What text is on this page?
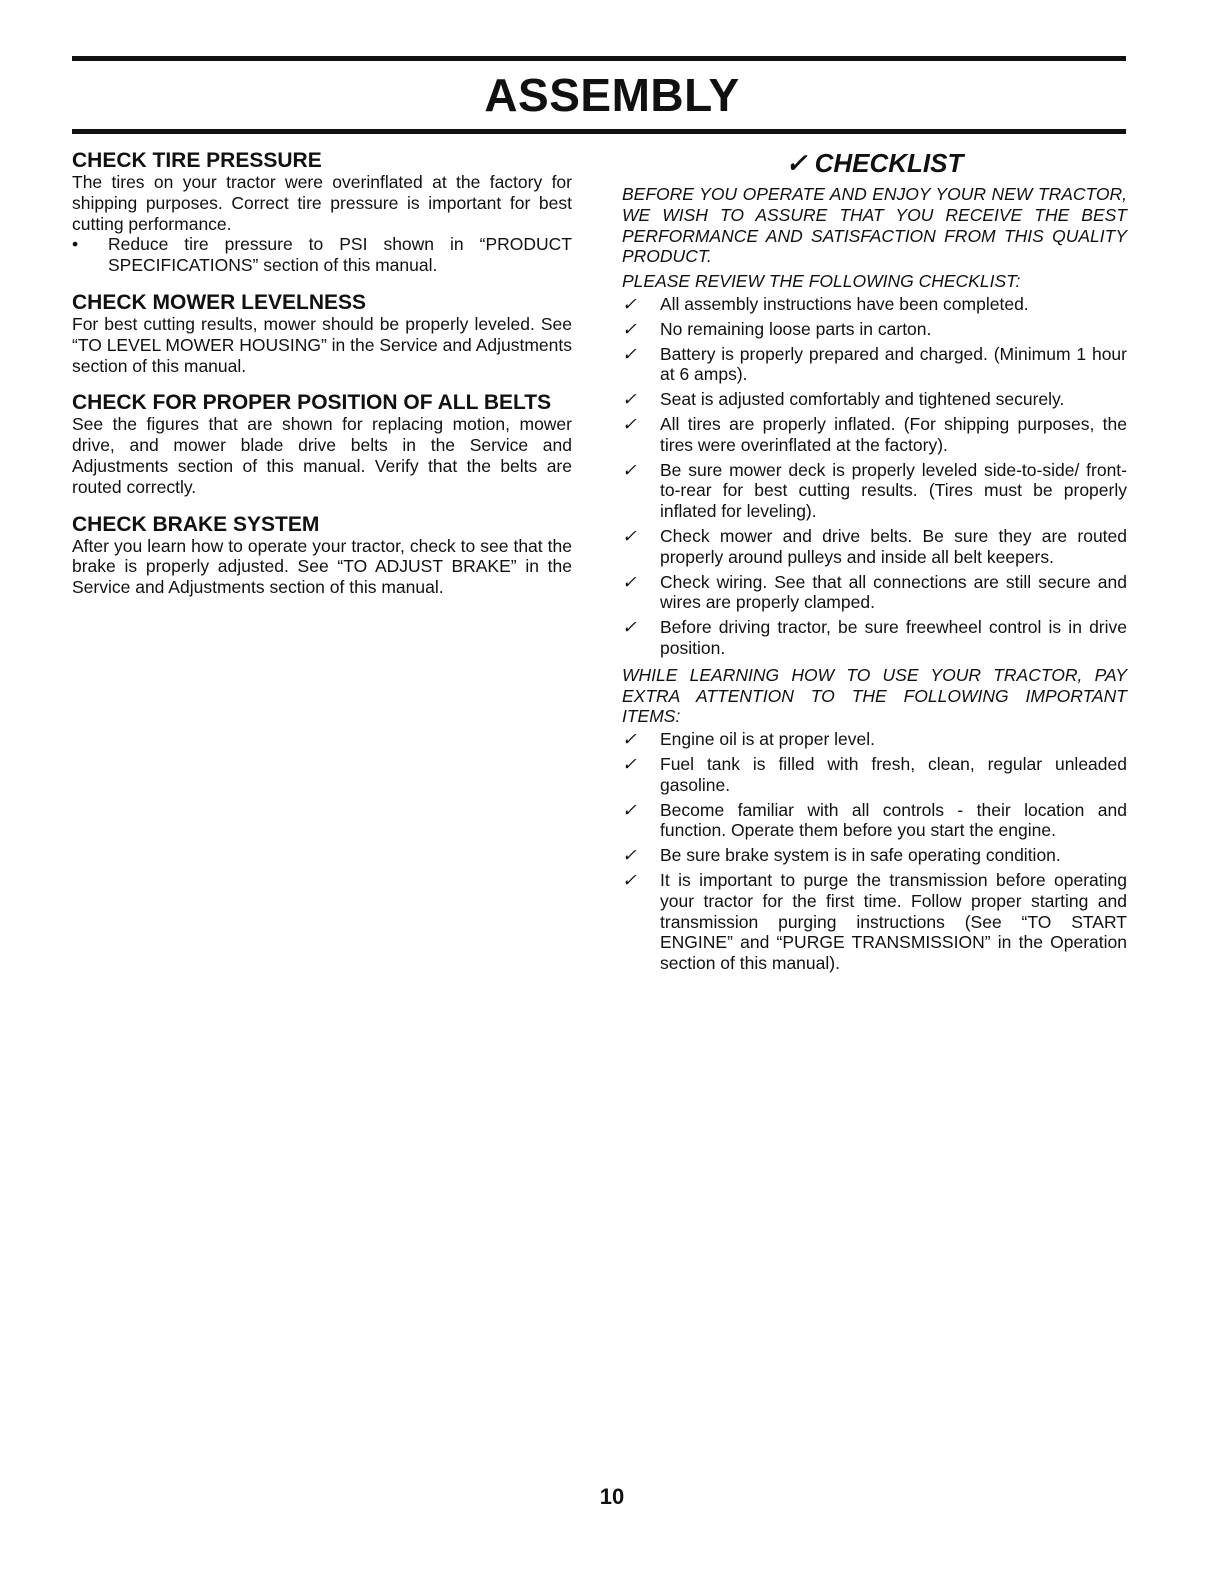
ASSEMBLY
CHECK TIRE PRESSURE

The tires on your tractor were overinflated at the factory for shipping purposes. Correct tire pressure is important for best cutting performance.

• Reduce tire pressure to PSI shown in “PRODUCT SPECIFICATIONS” section of this manual.
CHECK MOWER LEVELNESS

For best cutting results, mower should be properly leveled. See “TO LEVEL MOWER HOUSING” in the Service and Adjustments section of this manual.

CHECK FOR PROPER POSITION OF ALL BELTS

See the figures that are shown for replacing motion, mower drive, and mower blade drive belts in the Service and Adjustments section of this manual. Verify that the belts are routed correctly.

CHECK BRAKE SYSTEM

After you learn how to operate your tractor, check to see that the brake is properly adjusted. See “TO ADJUST BRAKE” in the Service and Adjustments section of this manual.

✓ CHECKLIST

BEFORE YOU OPERATE AND ENJOY YOUR NEW TRACTOR, WE WISH TO ASSURE THAT YOU RECEIVE THE BEST PERFORMANCE AND SATISFACTION FROM THIS QUALITY PRODUCT.

PLEASE REVIEW THE FOLLOWING CHECKLIST:

✓ All assembly instructions have been completed.
✓ No remaining loose parts in carton.
✓ Battery is properly prepared and charged. (Minimum 1 hour at 6 amps).
✓ Seat is adjusted comfortably and tightened securely.
✓ All tires are properly inflated. (For shipping purposes, the tires were overinflated at the factory).
✓ Be sure mower deck is properly leveled side-to-side/ front-to-rear for best cutting results. (Tires must be properly inflated for leveling).
✓ Check mower and drive belts. Be sure they are routed properly around pulleys and inside all belt keepers.
✓ Check wiring. See that all connections are still secure and wires are properly clamped.
✓ Before driving tractor, be sure freewheel control is in drive position.

WHILE LEARNING HOW TO USE YOUR TRACTOR, PAY EXTRA ATTENTION TO THE FOLLOWING IMPORTANT ITEMS:

✓ Engine oil is at proper level.
✓ Fuel tank is filled with fresh, clean, regular unleaded gasoline.
✓ Become familiar with all controls - their location and function. Operate them before you start the engine.
✓ Be sure brake system is in safe operating condition.
✓ It is important to purge the transmission before operating your tractor for the first time. Follow proper starting and transmission purging instructions (See “TO START ENGINE” and “PURGE TRANSMISSION” in the Operation section of this manual).
10
